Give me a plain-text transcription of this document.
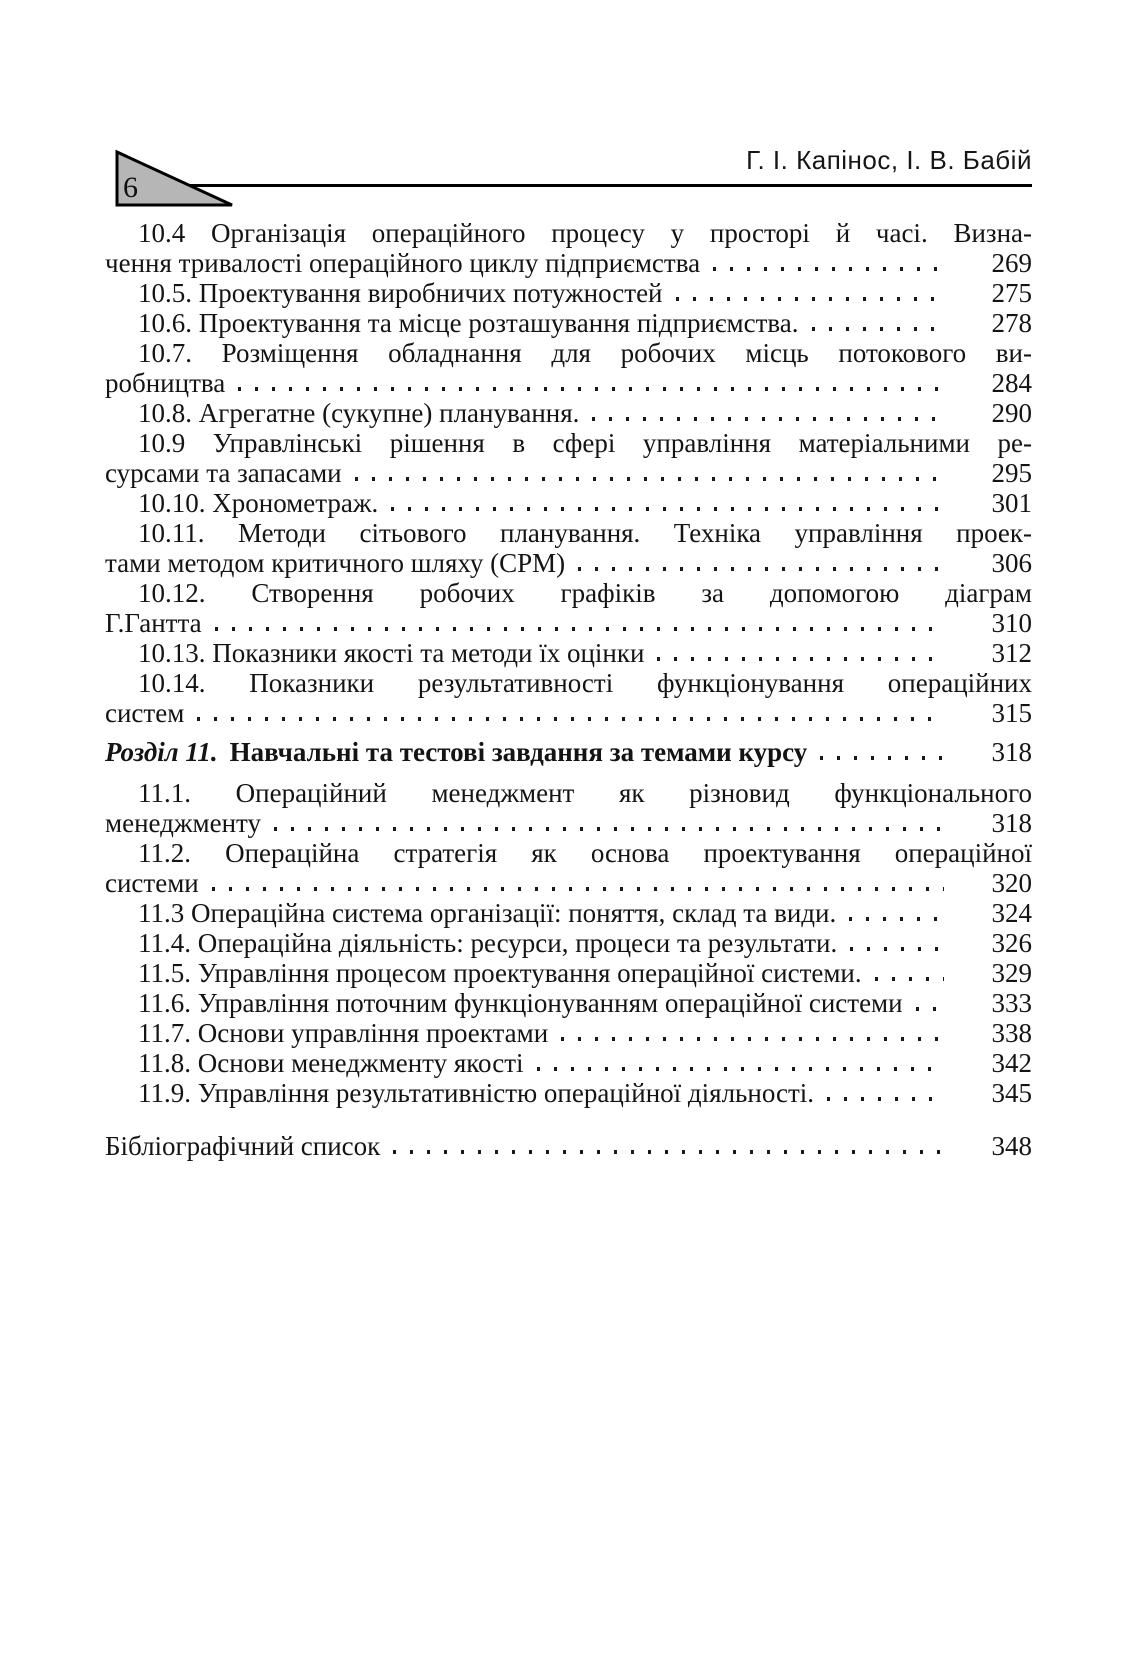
6
Г. І. Капінос, І. В. Бабій
10.4 Організація операційного процесу у просторі й часі. Визна-
чення тривалості операційного циклу підприємства	269
10.5. Проектування виробничих потужностей	275
10.6. Проектування та місце розташування підприємства.	278
10.7. Розміщення обладнання для робочих місць потокового ви-
робництва	284
10.8. Агрегатне (сукупне) планування.	290
10.9 Управлінські рішення в сфері управління матеріальними ре-
сурсами та запасами	295
10.10. Хронометраж.	301
10.11. Методи сітьового планування. Техніка управління проек-
тами методом критичного шляху (СРМ)	306
10.12. Створення робочих графіків за допомогою діаграм
Г.Гантта	310
10.13. Показники якості та методи їх оцінки	312
10.14. Показники результативності функціонування операційних
систем	315
Розділ 11. Навчальні та тестові завдання за темами курсу	318
11.1. Операційний менеджмент як різновид функціонального
менеджменту	318
11.2. Операційна стратегія як основа проектування операційної
системи	320
11.3 Операційна система організації: поняття, склад та види.	324
11.4. Операційна діяльність: ресурси, процеси та результати.	326
11.5. Управління процесом проектування операційної системи.	329
11.6. Управління поточним функціонуванням операційної системи	333
11.7. Основи управління проектами	338
11.8. Основи менеджменту якості	342
11.9. Управління результативністю операційної діяльності.	345
Бібліографічний список	348
